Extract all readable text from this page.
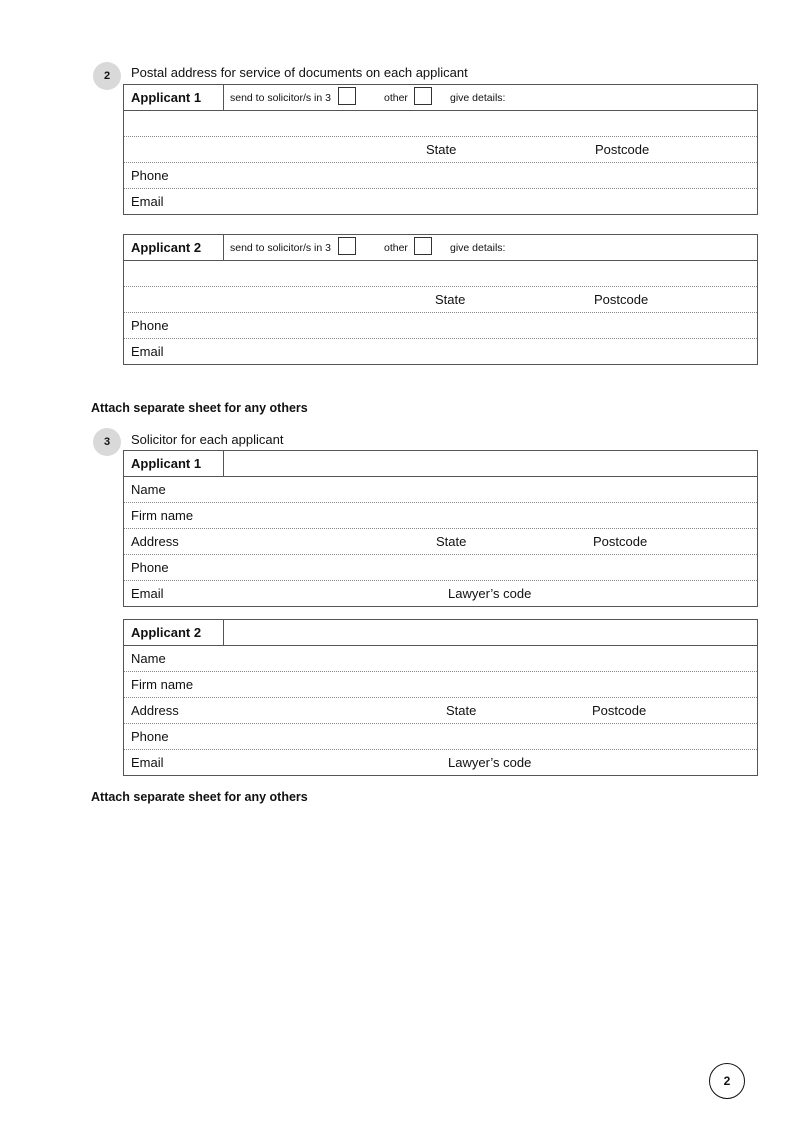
2 Postal address for service of documents on each applicant
Applicant 1	send to solicitor/s in 3	other	give details:
State	Postcode
Phone
Email
Applicant 2	send to solicitor/s in 3	other	give details:
State	Postcode
Phone
Email
Attach separate sheet for any others
3 Solicitor for each applicant
Applicant 1
Name
Firm name
Address	State	Postcode
Phone
Email	Lawyer’s code
Applicant 2
Name
Firm name
Address	State	Postcode
Phone
Email	Lawyer’s code
Attach separate sheet for any others
2
